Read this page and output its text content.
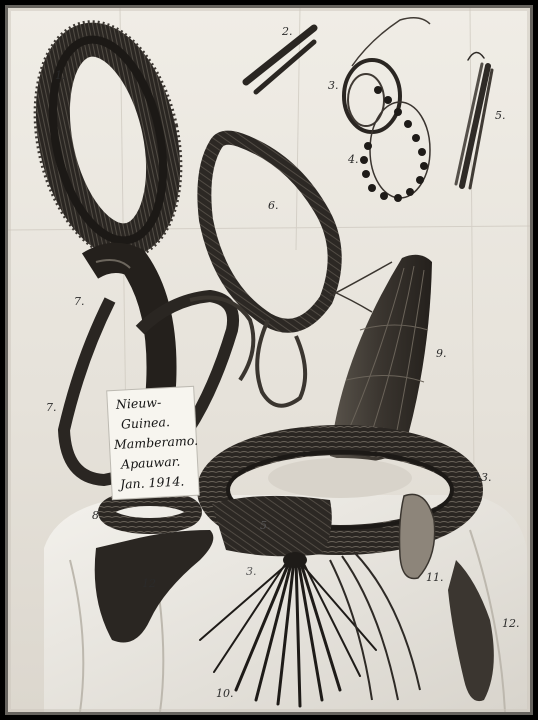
1.
2.
3.
4.
5.
6.
7.
7.
8.
9.
10.
11.
12
12.
13.
3.
5.
Nieuw-
Guinea.
Mamberamo.
Apauwar.
Jan. 1914.
